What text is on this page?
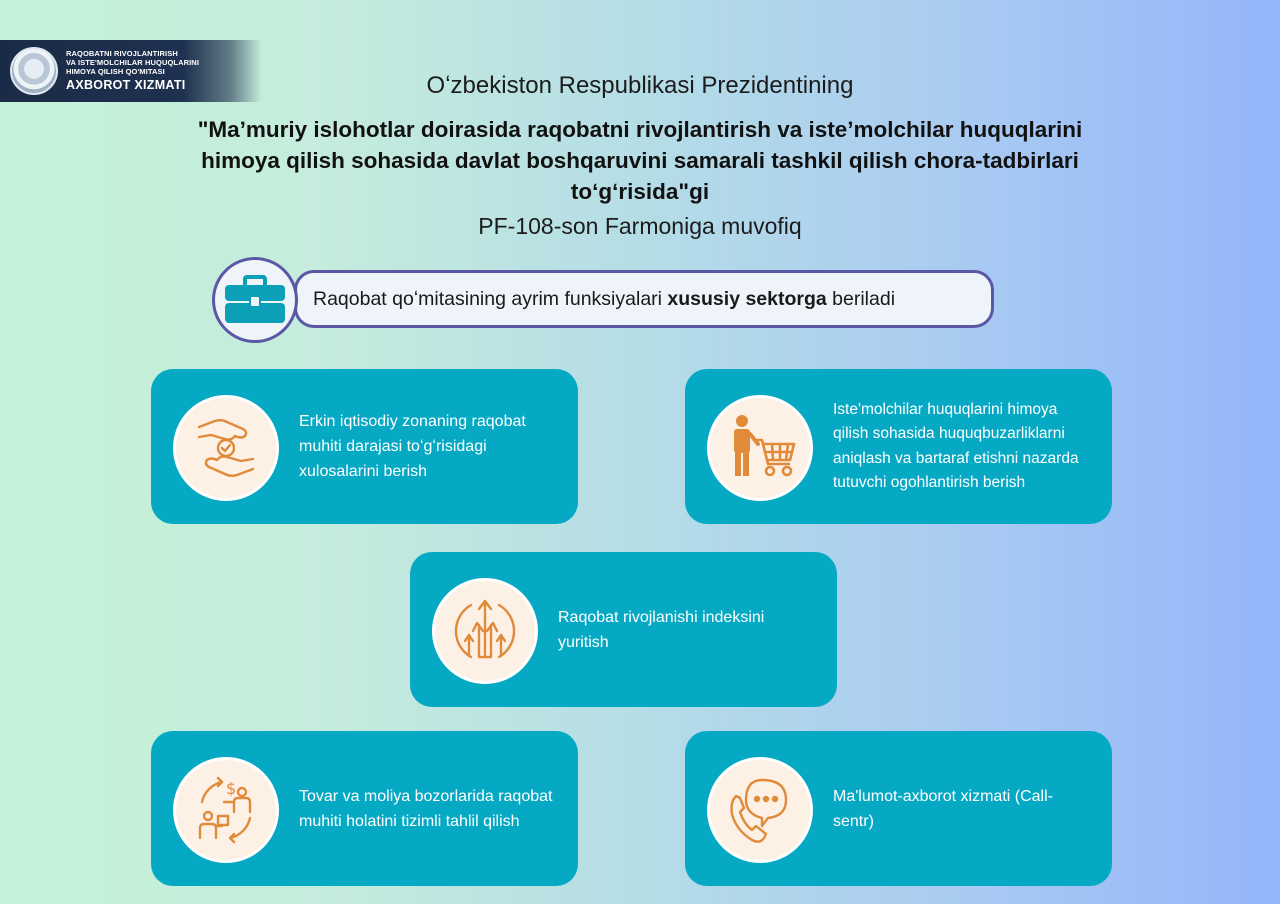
RAQOBATNI RIVOJLANTIRISH
VA ISTE'MOLCHILAR HUQUQLARINI
HIMOYA QILISH QO'MITASI
AXBOROT XIZMATI	Oʻzbekiston Respublikasi Prezidentining
"Maʼmuriy islohotlar doirasida raqobatni rivojlantirish va isteʼmolchilar huquqlarini himoya qilish sohasida davlat boshqaruvini samarali tashkil qilish chora-tadbirlari toʻgʻrisida"gi
PF-108-son Farmoniga muvofiq
Raqobat qoʻmitasining ayrim funksiyalari xususiy sektorga beriladi
Erkin iqtisodiy zonaning raqobat muhiti darajasi toʻgʻrisidagi xulosalarini berish
Iste'molchilar huquqlarini himoya qilish sohasida huquqbuzarliklarni aniqlash va bartaraf etishni nazarda tutuvchi ogohlantirish berish
Raqobat rivojlanishi indeksini yuritish
$	Tovar va moliya bozorlarida raqobat muhiti holatini tizimli tahlil qilish
Ma'lumot-axborot xizmati (Call-sentr)
